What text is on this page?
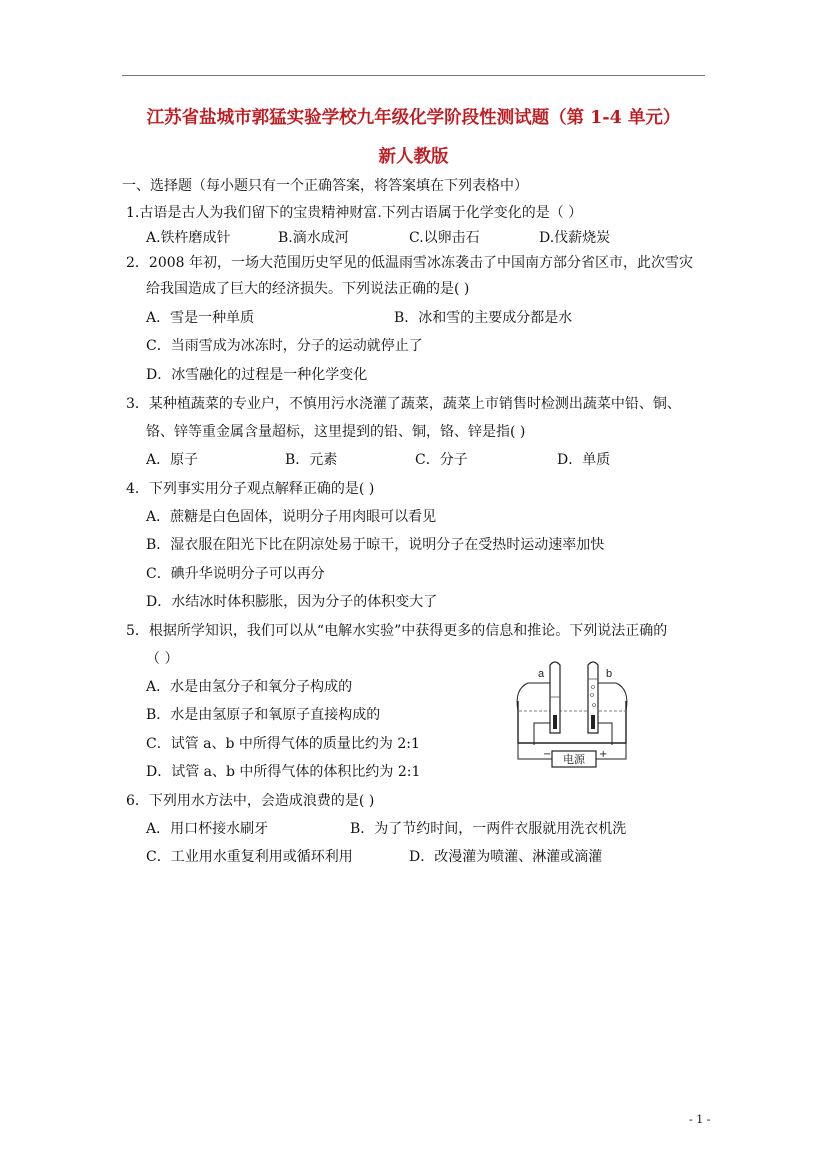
江苏省盐城市郭猛实验学校九年级化学阶段性测试题（第 1-4 单元）
新人教版
一、选择题（每小题只有一个正确答案，将答案填在下列表格中）
1.古语是古人为我们留下的宝贵精神财富.下列古语属于化学变化的是（ ）
A.铁杵磨成针	B.滴水成河	C.以卵击石	D.伐薪烧炭
2．2008 年初，一场大范围历史罕见的低温雨雪冰冻袭击了中国南方部分省区市，此次雪灾
给我国造成了巨大的经济损失。下列说法正确的是( )
A．雪是一种单质	B．冰和雪的主要成分都是水
C．当雨雪成为冰冻时，分子的运动就停止了
D．冰雪融化的过程是一种化学变化
3．某种植蔬菜的专业户，不慎用污水浇灌了蔬菜，蔬菜上市销售时检测出蔬菜中铅、铜、
铬、锌等重金属含量超标，这里提到的铅、铜，铬、锌是指( )
A．原子	B．元素	C．分子	D．单质
4．下列事实用分子观点解释正确的是( )
A．蔗糖是白色固体，说明分子用肉眼可以看见
B．湿衣服在阳光下比在阴凉处易于晾干，说明分子在受热时运动速率加快
C．碘升华说明分子可以再分
D．水结冰时体积膨胀，因为分子的体积变大了
5．根据所学知识，我们可以从“电解水实验”中获得更多的信息和推论。下列说法正确的
（ ）
A．水是由氢分子和氧分子构成的
B．水是由氢原子和氧原子直接构成的
C．试管 a、b 中所得气体的质量比约为 2:1
D．试管 a、b 中所得气体的体积比约为 2:1
a	b
电源
−	+
6．下列用水方法中，会造成浪费的是( )
A．用口杯接水刷牙	B．为了节约时间，一两件衣服就用洗衣机洗
C．工业用水重复利用或循环利用	D．改漫灌为喷灌、淋灌或滴灌
- 1 -
